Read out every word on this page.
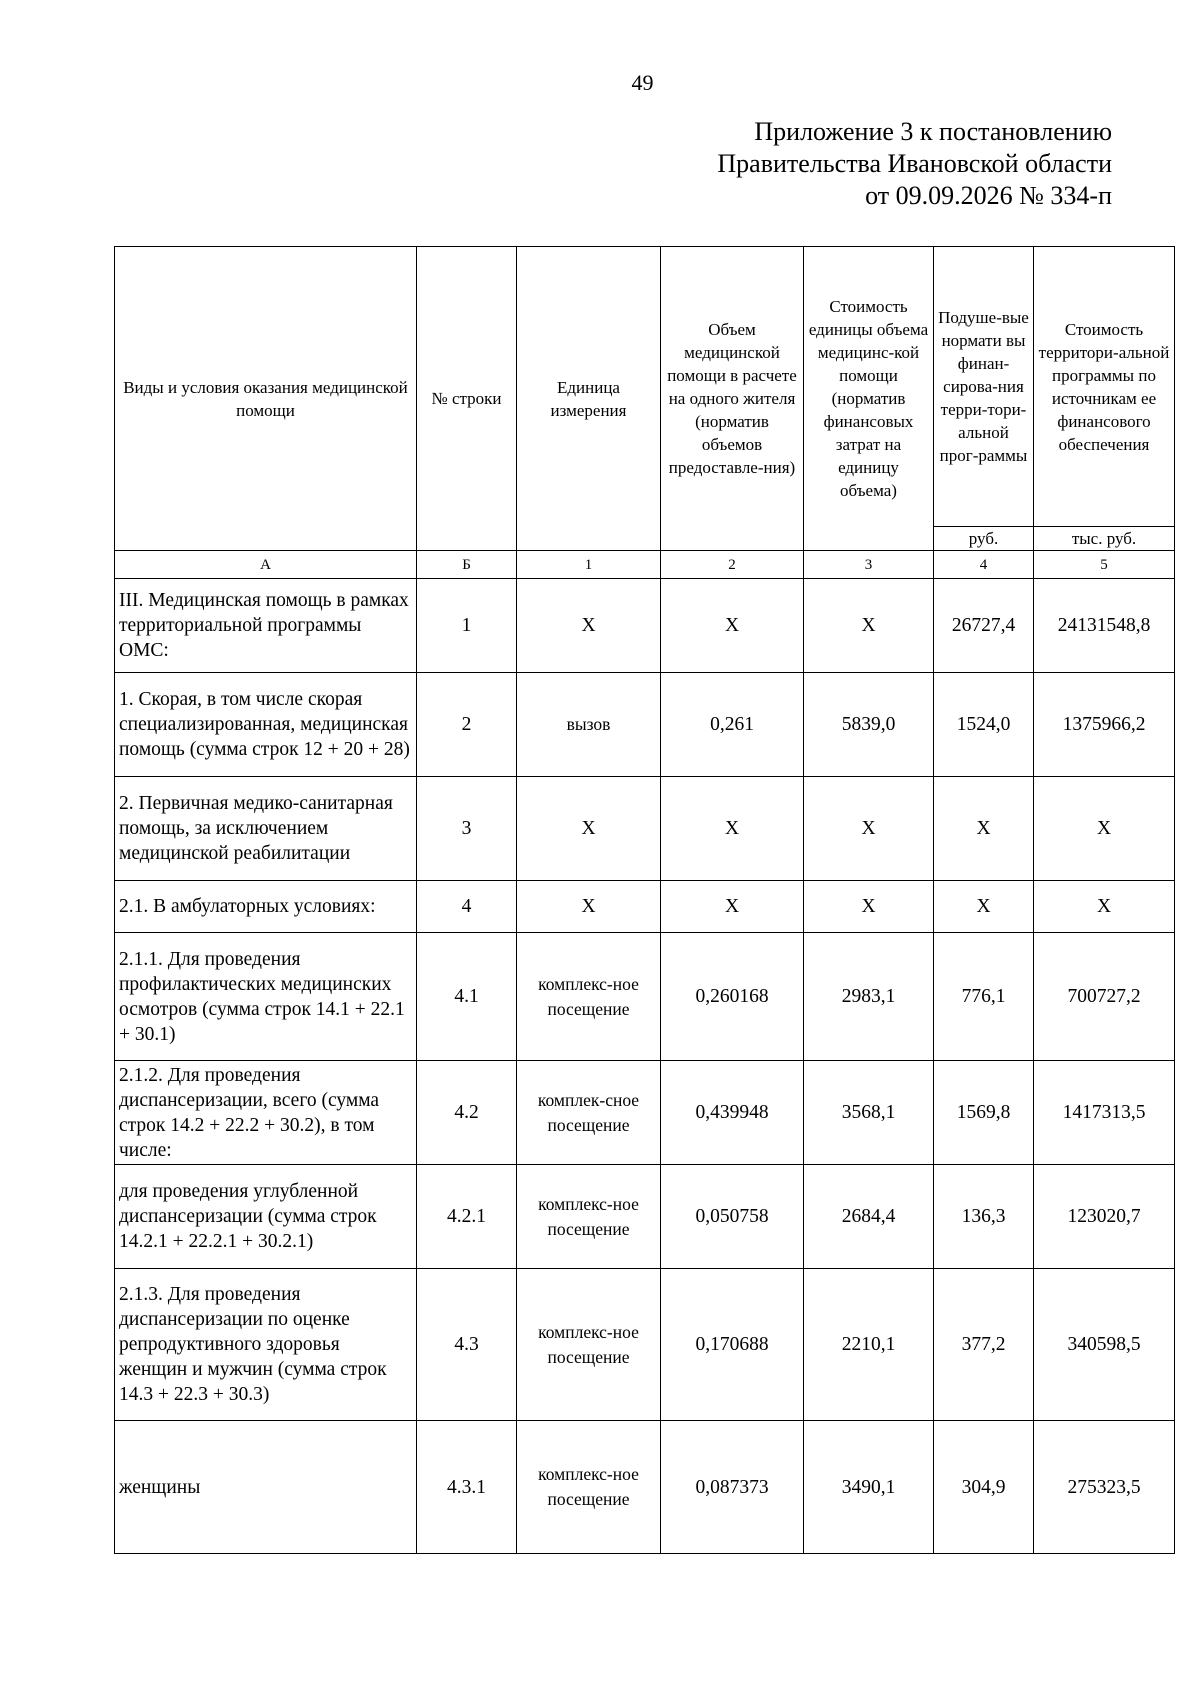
49
Приложение 3 к постановлению
Правительства Ивановской области
от 09.09.2026 № 334-п
Виды и условия оказания медицинской помощи	№ строки	Единица измерения	Объем медицинской помощи в расчете на одного жителя (норматив объемов предоставле-ния)	Стоимость единицы объема медицинс-кой помощи (норматив финансовых затрат на единицу объема)	Подуше-вые нормати вы финан-сирова-ния терри-тори-альной прог-раммы	Стоимость территори-альной программы по источникам ее финансового обеспечения
					руб.	тыс. руб.
А	Б	1	2	3	4	5
III. Медицинская помощь в рамках территориальной программы ОМС:	1	Х	Х	Х	26727,4	24131548,8
1. Скорая, в том числе скорая специализированная, медицинская помощь (сумма строк 12 + 20 + 28)	2	вызов	0,261	5839,0	1524,0	1375966,2
2. Первичная медико-санитарная помощь, за исключением медицинской реабилитации	3	Х	Х	Х	Х	Х
2.1. В амбулаторных условиях:	4	Х	Х	Х	Х	Х
2.1.1. Для проведения профилактических медицинских осмотров (сумма строк 14.1 + 22.1 + 30.1)	4.1	комплекс-ное посещение	0,260168	2983,1	776,1	700727,2
2.1.2. Для проведения диспансеризации, всего (сумма строк 14.2 + 22.2 + 30.2), в том числе:	4.2	комплек-сное посещение	0,439948	3568,1	1569,8	1417313,5
для проведения углубленной диспансеризации (сумма строк 14.2.1 + 22.2.1 + 30.2.1)	4.2.1	комплекс-ное посещение	0,050758	2684,4	136,3	123020,7
2.1.3. Для проведения диспансеризации по оценке репродуктивного здоровья женщин и мужчин (сумма строк 14.3 + 22.3 + 30.3)	4.3	комплекс-ное посещение	0,170688	2210,1	377,2	340598,5
женщины	4.3.1	комплекс-ное посещение	0,087373	3490,1	304,9	275323,5
